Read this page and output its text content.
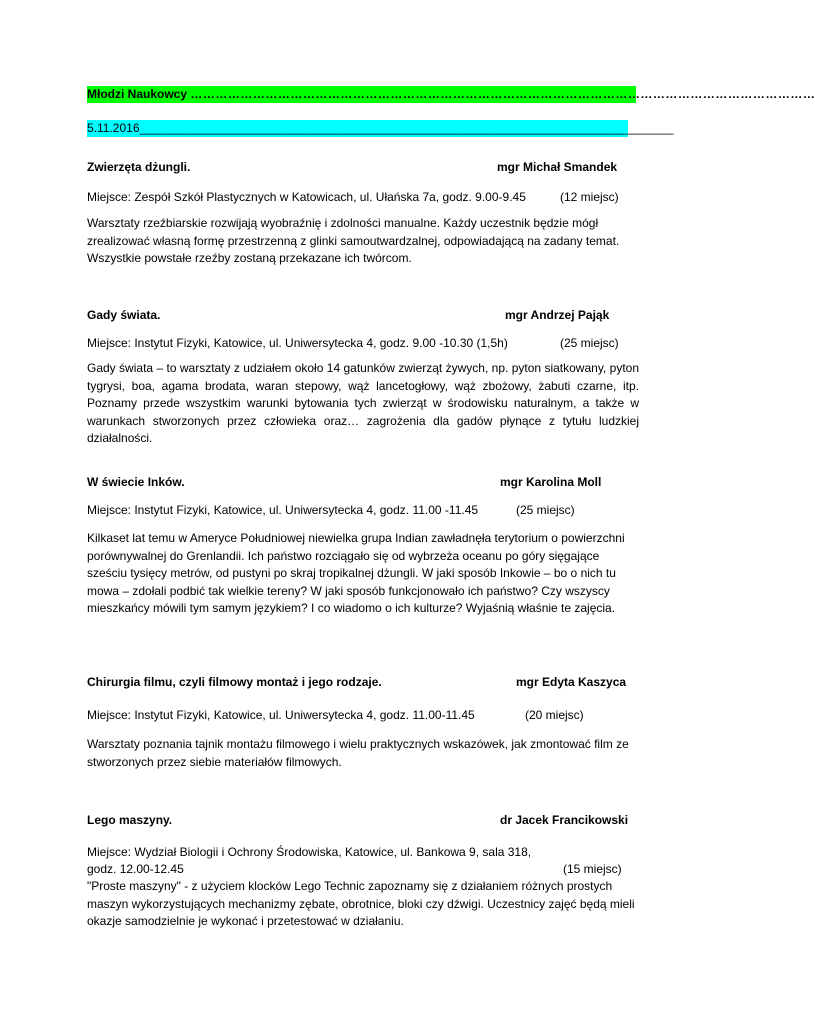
Młodzi Naukowcy ……………………………………………………………………………………………………………………………………
5.11.2016________________________________________________________________________________
Zwierzęta dżungli.	mgr Michał Smandek
Miejsce: Zespół Szkół Plastycznych w Katowicach, ul. Ułańska 7a, godz. 9.00-9.45	(12 miejsc)
Warsztaty rzeźbiarskie rozwijają wyobraźnię i zdolności manualne. Każdy uczestnik będzie mógł zrealizować własną formę przestrzenną z glinki samoutwardzalnej, odpowiadającą na zadany temat. Wszystkie powstałe rzeźby zostaną przekazane ich twórcom.
Gady świata.	mgr Andrzej Pająk
Miejsce: Instytut Fizyki, Katowice, ul. Uniwersytecka 4, godz. 9.00 -10.30 (1,5h)	(25 miejsc)
Gady świata – to warsztaty z udziałem około 14 gatunków zwierząt żywych, np. pyton siatkowany, pyton tygrysi, boa, agama brodata, waran stepowy, wąż lancetogłowy, wąż zbożowy, żabuti czarne, itp. Poznamy przede wszystkim warunki bytowania tych zwierząt w środowisku naturalnym, a także w warunkach stworzonych przez człowieka oraz… zagrożenia dla gadów płynące z tytułu ludzkiej działalności.
W świecie Inków.	mgr Karolina Moll
Miejsce: Instytut Fizyki, Katowice, ul. Uniwersytecka 4, godz. 11.00 -11.45	(25 miejsc)
Kilkaset lat temu w Ameryce Południowej niewielka grupa Indian zawładnęła terytorium o powierzchni porównywalnej do Grenlandii. Ich państwo rozciągało się od wybrzeża oceanu po góry sięgające sześciu tysięcy metrów, od pustyni po skraj tropikalnej dżungli. W jaki sposób Inkowie – bo o nich tu mowa – zdołali podbić tak wielkie tereny? W jaki sposób funkcjonowało ich państwo? Czy wszyscy mieszkańcy mówili tym samym językiem? I co wiadomo o ich kulturze? Wyjaśnią właśnie te zajęcia.
Chirurgia filmu, czyli filmowy montaż i jego rodzaje.	mgr Edyta Kaszyca
Miejsce: Instytut Fizyki, Katowice, ul. Uniwersytecka 4, godz. 11.00-11.45	(20 miejsc)
Warsztaty poznania tajnik montażu filmowego i wielu praktycznych wskazówek, jak zmontować film ze stworzonych przez siebie materiałów filmowych.
Lego maszyny.	dr Jacek Francikowski
Miejsce: Wydział Biologii i Ochrony Środowiska, Katowice, ul. Bankowa 9, sala 318,
godz. 12.00-12.45	(15 miejsc)
"Proste maszyny" - z użyciem klocków Lego Technic zapoznamy się z działaniem różnych prostych maszyn wykorzystujących mechanizmy zębate, obrotnice, bloki czy dźwigi. Uczestnicy zajęć będą mieli okazje samodzielnie je wykonać i przetestować w działaniu.
